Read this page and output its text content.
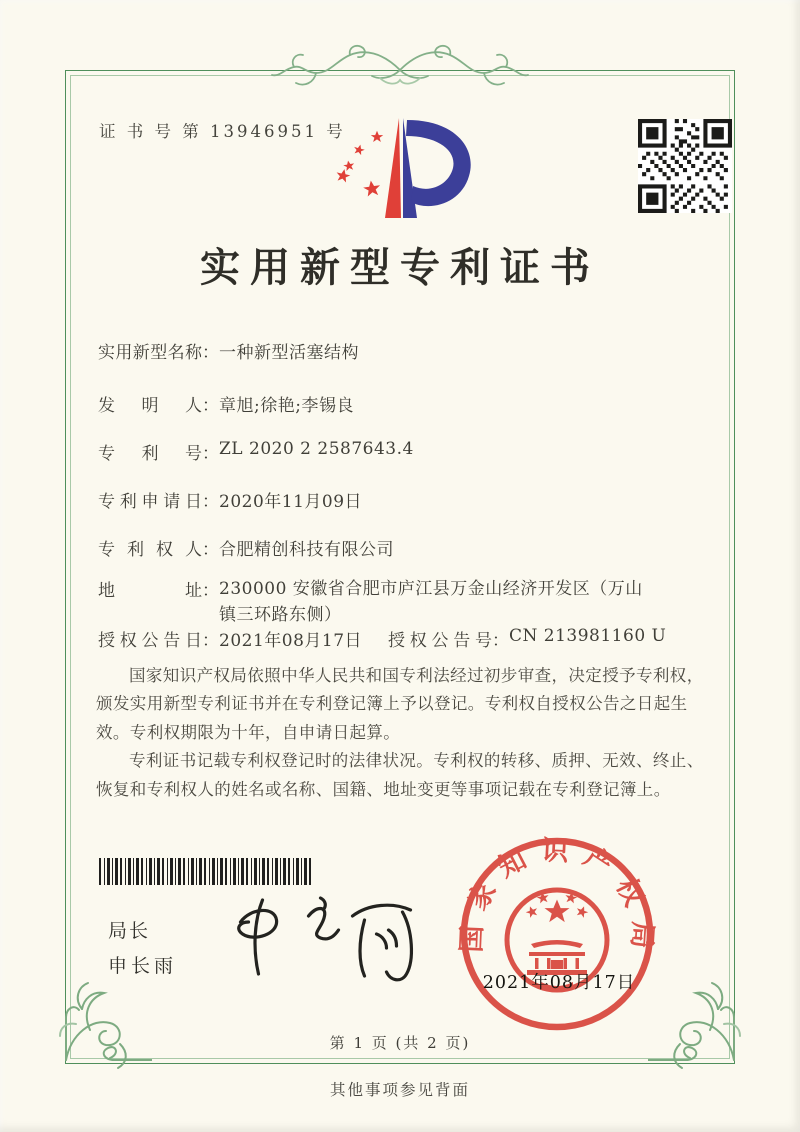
证 书 号 第 13946951 号
实用新型专利证书
实用新型名称 ： 一种新型活塞结构
发明人 ： 章旭;徐艳;李锡良
专利号 ： ZL 2020 2 2587643.4
专利申请日 ： 2020年11月09日
专利权人 ： 合肥精创科技有限公司
地址 ： 230000 安徽省合肥市庐江县万金山经济开发区（万山镇三环路东侧）
授权公告日 ： 2021年08月17日 授权公告号 ： CN 213981160 U

国家知识产权局依照中华人民共和国专利法经过初步审查，决定授予专利权，颁发实用新型专利证书并在专利登记簿上予以登记。专利权自授权公告之日起生效。专利权期限为十年，自申请日起算。

专利证书记载专利权登记时的法律状况。专利权的转移、质押、无效、终止、恢复和专利权人的姓名或名称、国籍、地址变更等事项记载在专利登记簿上。

局长
申长雨
国家知识产权局
2021年08月17日
第 1 页 (共 2 页)
其他事项参见背面
